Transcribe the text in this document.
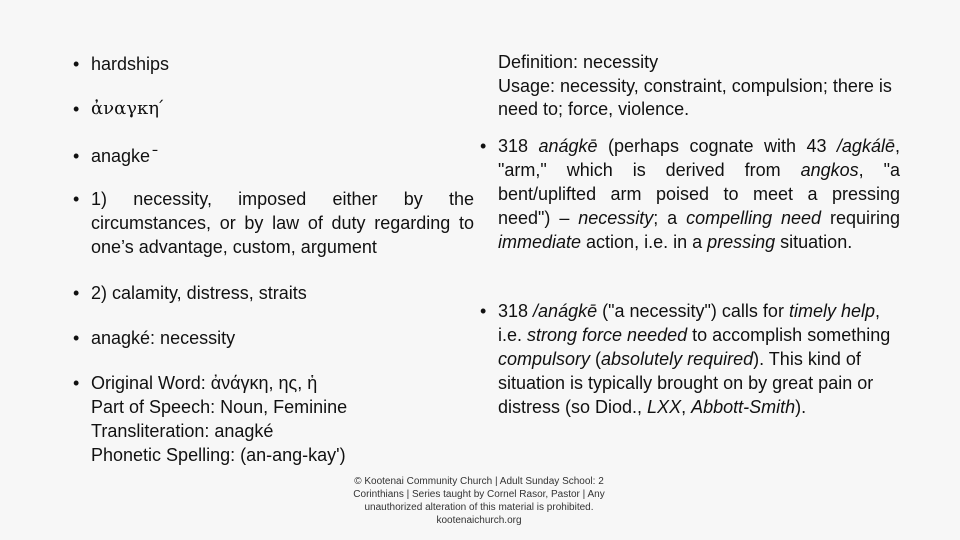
• hardships
• ἀναγκη ́
• anagke ̄
• 1) necessity, imposed either by the circumstances, or by law of duty regarding to one’s advantage, custom, argument
• 2) calamity, distress, straits
• anagké: necessity
• Original Word: ἀνάγκη, ης, ἡ
Part of Speech: Noun, Feminine
Transliteration: anagké
Phonetic Spelling: (an-ang-kay')
Definition: necessity
Usage: necessity, constraint, compulsion; there is need to; force, violence.
• 318 anágkē (perhaps cognate with 43 /agkálē, "arm," which is derived from angkos, "a bent/uplifted arm poised to meet a pressing need") – necessity; a compelling need requiring immediate action, i.e. in a pressing situation.
• 318 /anágkē ("a necessity") calls for timely help, i.e. strong force needed to accomplish something compulsory (absolutely required). This kind of situation is typically brought on by great pain or distress (so Diod., LXX, Abbott-Smith).
© Kootenai Community Church | Adult Sunday School: 2 Corinthians | Series taught by Cornel Rasor, Pastor | Any unauthorized alteration of this material is prohibited. kootenaichurch.org
